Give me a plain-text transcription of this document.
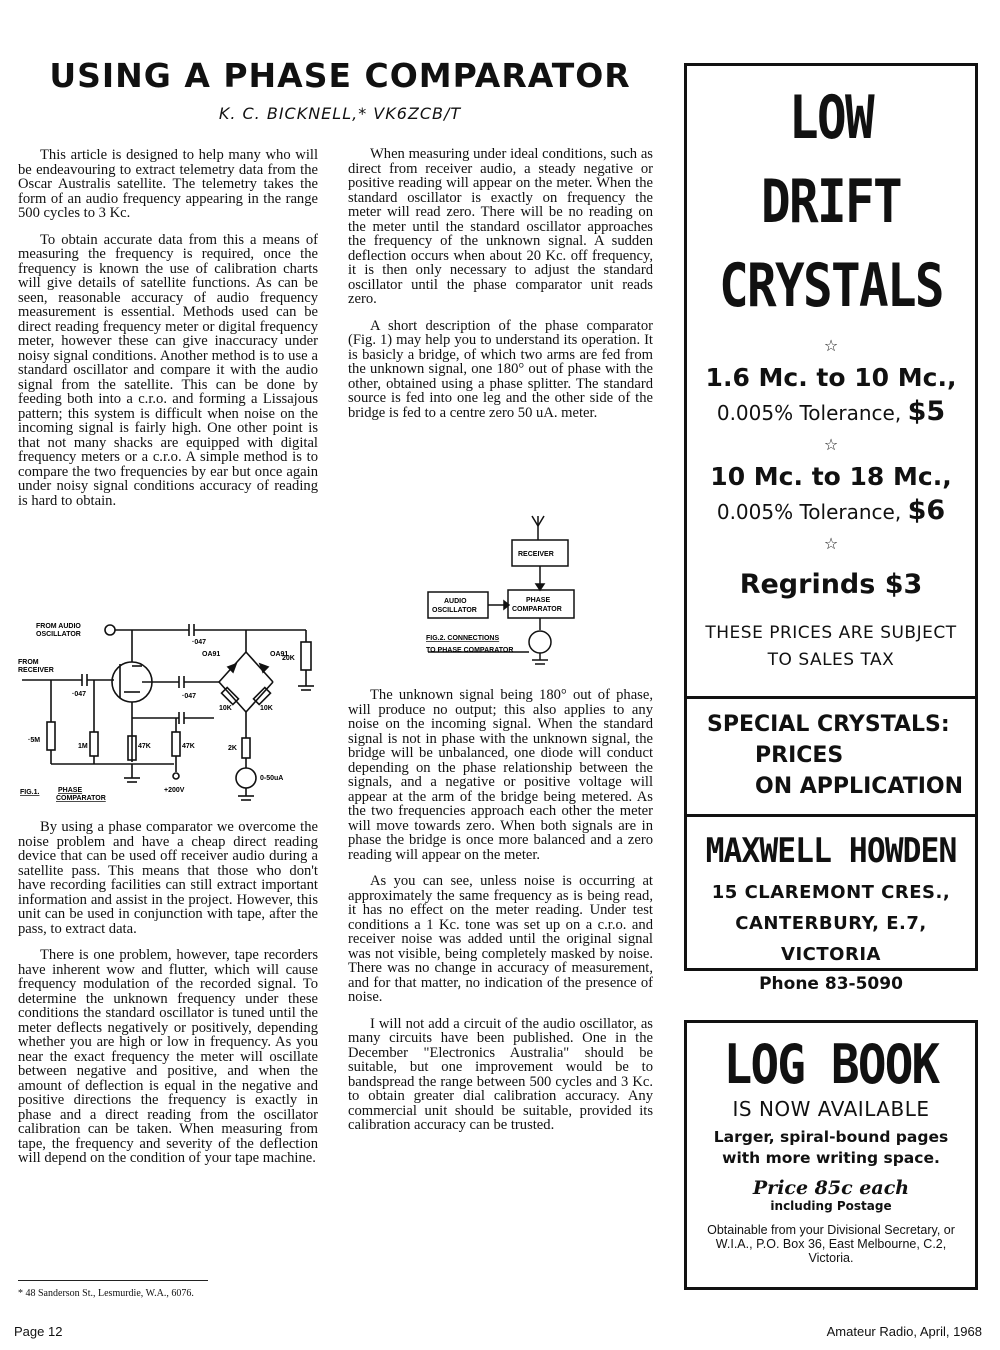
USING A PHASE COMPARATOR
K. C. BICKNELL,* VK6ZCB/T

This article is designed to help many who will be endeavouring to extract telemetry data from the Oscar Australis satellite. The telemetry takes the form of an audio frequency appearing in the range 500 cycles to 3 Kc.

To obtain accurate data from this a means of measuring the frequency is required, once the frequency is known the use of calibration charts will give details of satellite functions. As can be seen, reasonable accuracy of audio frequency measurement is essential. Methods used can be direct reading frequency meter or digital frequency meter, however these can give inaccuracy under noisy signal conditions. Another method is to use a standard oscillator and compare it with the audio signal from the satellite. This can be done by feeding both into a c.r.o. and forming a Lissajous pattern; this system is difficult when noise on the incoming signal is fairly high. One other point is that not many shacks are equipped with digital frequency meters or a c.r.o. A simple method is to compare the two frequencies by ear but once again under noisy signal conditions accuracy of reading is hard to obtain.

FROM AUDIO
OSCILLATOR
FROM
RECEIVER
·047
·047	·047
OA91	OA91
20K
10K	10K
·5M
1M	47K	47K	2K
0-50uA
+200V
FIG.1.	PHASE
COMPARATOR

By using a phase comparator we overcome the noise problem and have a cheap direct reading device that can be used off receiver audio during a satellite pass. This means that those who don't have recording facilities can still extract important information and assist in the project. However, this unit can be used in conjunction with tape, after the pass, to extract data.

There is one problem, however, tape recorders have inherent wow and flutter, which will cause frequency modulation of the recorded signal. To determine the unknown frequency under these conditions the standard oscillator is tuned until the meter deflects negatively or positively, depending whether you are high or low in frequency. As you near the exact frequency the meter will oscillate between negative and positive, and when the amount of deflection is equal in the negative and positive directions the frequency is exactly in phase and a direct reading from the oscillator calibration can be taken. When measuring from tape, the frequency and severity of the deflection will depend on the condition of your tape machine.

* 48 Sanderson St., Lesmurdie, W.A., 6076.

When measuring under ideal conditions, such as direct from receiver audio, a steady negative or positive reading will appear on the meter. When the standard oscillator is exactly on frequency the meter will read zero. There will be no reading on the meter until the standard oscillator approaches the frequency of the unknown signal. A sudden deflection occurs when about 20 Kc. off frequency, it is then only necessary to adjust the standard oscillator until the phase comparator unit reads zero.

A short description of the phase comparator (Fig. 1) may help you to understand its operation. It is basicly a bridge, of which two arms are fed from the unknown signal, one 180° out of phase with the other, obtained using a phase splitter. The standard source is fed into one leg and the other side of the bridge is fed to a centre zero 50 uA. meter.

RECEIVER
AUDIO
OSCILLATOR
PHASE
COMPARATOR
FIG.2. CONNECTIONS
TO PHASE COMPARATOR

The unknown signal being 180° out of phase, will produce no output; this also applies to any noise on the incoming signal. When the standard signal is not in phase with the unknown signal, the bridge will be unbalanced, one diode will conduct depending on the phase relationship between the signals, and a negative or positive voltage will appear at the arm of the bridge being metered. As the two frequencies approach each other the meter will move towards zero. When both signals are in phase the bridge is once more balanced and a zero reading will appear on the meter.

As you can see, unless noise is occurring at approximately the same frequency as is being read, it has no effect on the meter reading. Under test conditions a 1 Kc. tone was set up on a c.r.o. and receiver noise was added until the original signal was not visible, being completely masked by noise. There was no change in accuracy of measurement, and for that matter, no indication of the presence of noise.

I will not add a circuit of the audio oscillator, as many circuits have been published. One in the December "Electronics Australia" should be suitable, but one improvement would be to bandspread the range between 500 cycles and 3 Kc. to obtain greater dial calibration accuracy. Any commercial unit should be suitable, provided its calibration accuracy can be trusted.

LOW DRIFT
CRYSTALS
☆
1.6 Mc. to 10 Mc.,
0.005% Tolerance, $5
☆
10 Mc. to 18 Mc.,
0.005% Tolerance, $6
☆
Regrinds $3
THESE PRICES ARE SUBJECT
TO SALES TAX
SPECIAL CRYSTALS:
PRICES
ON APPLICATION
MAXWELL HOWDEN
15 CLAREMONT CRES.,
CANTERBURY, E.7,
VICTORIA
Phone 83-5090
LOG BOOK
IS NOW AVAILABLE
Larger, spiral-bound pages
with more writing space.
Price 85c each
including Postage
Obtainable from your Divisional Secretary, or W.I.A., P.O. Box 36, East Melbourne, C.2, Victoria.
Page 12	Amateur Radio, April, 1968
